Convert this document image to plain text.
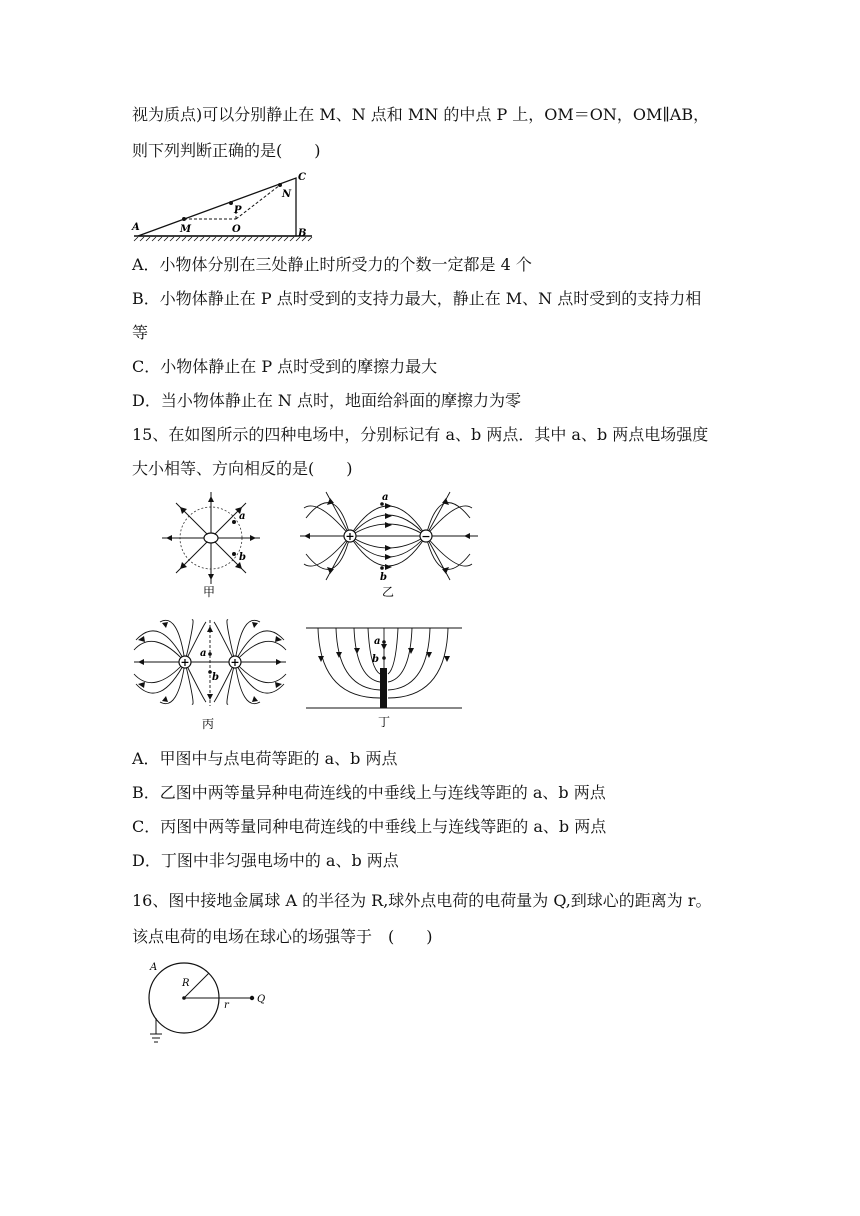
视为质点)可以分别静止在 M、N 点和 MN 的中点 P 上，OM＝ON，OM∥AB，
则下列判断正确的是(　　)
A
B
C
M	O
P
N
A．小物体分别在三处静止时所受力的个数一定都是 4 个
B．小物体静止在 P 点时受到的支持力最大，静止在 M、N 点时受到的支持力相
等
C．小物体静止在 P 点时受到的摩擦力最大
D．当小物体静止在 N 点时，地面给斜面的摩擦力为零
15、在如图所示的四种电场中，分别标记有 a、b 两点．其中 a、b 两点电场强度
大小相等、方向相反的是(　　)
a
b
甲
+	−
a
b
乙
+	+
a
b
丙
a
b
丁
A．甲图中与点电荷等距的 a、b 两点
B．乙图中两等量异种电荷连线的中垂线上与连线等距的 a、b 两点
C．丙图中两等量同种电荷连线的中垂线上与连线等距的 a、b 两点
D．丁图中非匀强电场中的 a、b 两点
16、图中接地金属球 A 的半径为 R,球外点电荷的电荷量为 Q,到球心的距离为 r。
该点电荷的电场在球心的场强等于　(　　)
A
R
r
Q
